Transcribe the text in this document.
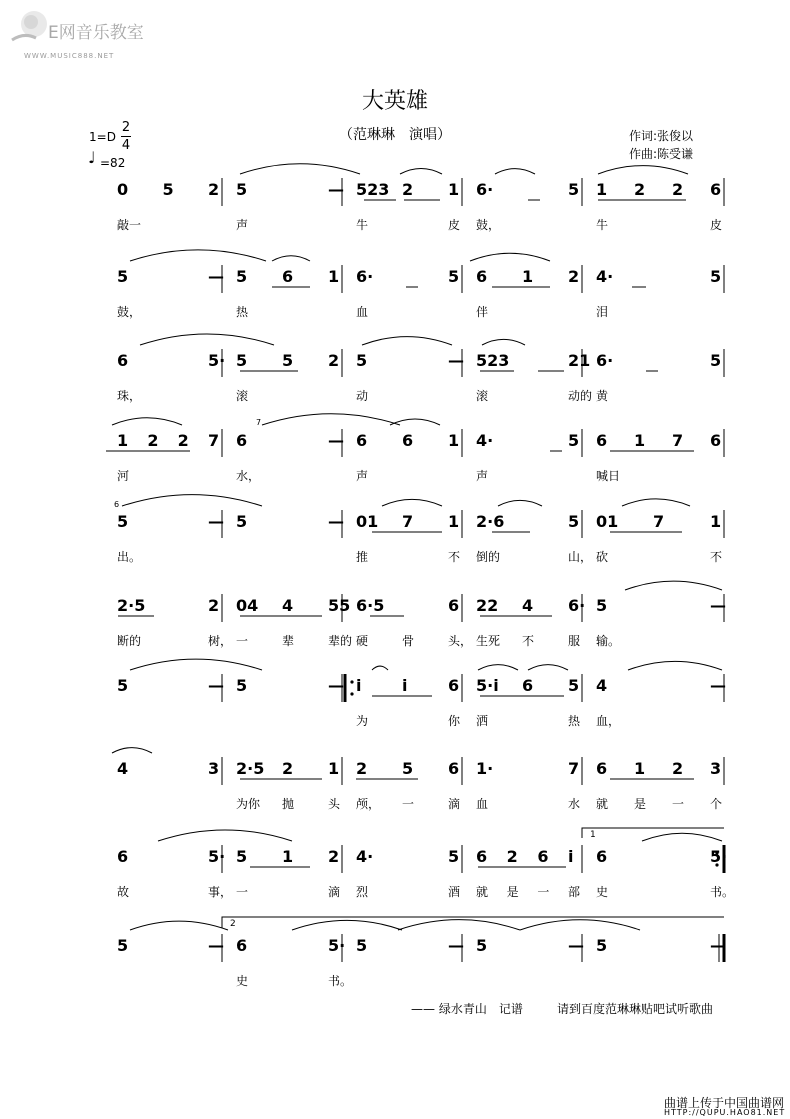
E网音乐教室
WWW.MUSIC888.NET
大英雄
（范琳琳　演唱）	作词:张俊以
作曲:陈受谦
1=D
2
4
♩ =82
0 5 2
敲一
5	—
声
523 2 1
牛	皮
6·	5
鼓，
1 2 2 6
牛	皮
5	—
鼓，
5 6 1
热
6·	5
血
6 1 2
伴
4·	5
泪
6	5·
珠，
5 5 2
滚
5	—
动
523	21
滚	动的
6·	5
黄
1 2 2 7
河
6	—
水，
6 6 1
声
4·	5
声
6 1 7 6
喊日
5	—
出。
5	— 01 7 1
推	不
2·6	5
倒的	山，
01 7	1
砍	不
2·5	2
断的	树，
04 4 55
一	辈	辈的
6·5	6
硬	骨	头，
22 4 6·
生死 不	服
5	—
输。
5	— 5	— i	i	6
为	你
5·i 6 5
洒	热
4	—
血，
4	3 2·5 2 1
为你 抛	头
2 5 6
颅， 一	滴
1·	7
血	水
6 1 2 3
就 是 一 个
6	5·
故	事，
5 1 2
一	滴
4·	5
烈	酒
6 2 6 i
就 是 一 部
6	5·
史	书。
5	— 6	5·
史	书。
5	— 5	— 5	—
1
2
7
6
—— 绿水青山　记谱	请到百度范琳琳贴吧试听歌曲
曲谱上传于中国曲谱网
HTTP://QUPU.HAO81.NET
